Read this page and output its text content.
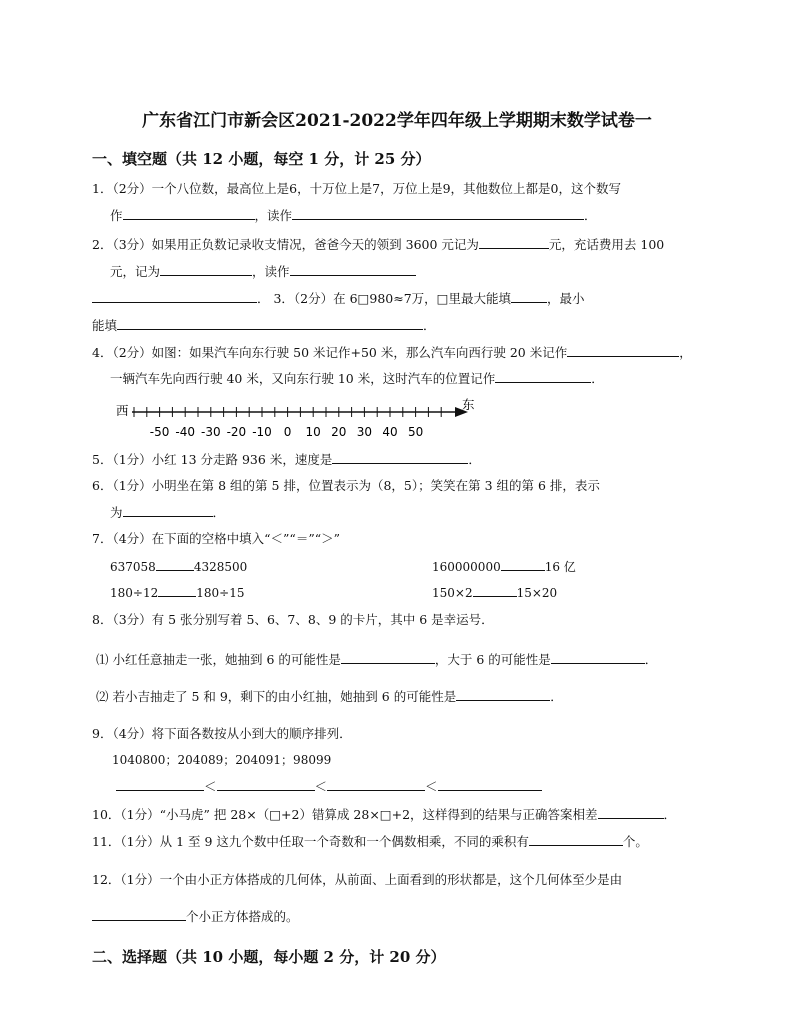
广东省江门市新会区2021-2022学年四年级上学期期末数学试卷一
一、填空题（共 12 小题，每空 1 分，计 25 分）
1．（2分）一个八位数，最高位上是6，十万位上是7，万位上是9，其他数位上都是0，这个数写
作	，读作	．
2．（3分）如果用正负数记录收支情况，爸爸今天的领到 3600 元记为	元，充话费用去 100
元，记为	，读作
． 3．（2分）在 6□980≈7万，□里最大能填	，最小
能填	．
4．（2分）如图：如果汽车向东行驶 50 米记作+50 米，那么汽车向西行驶 20 米记作	，
一辆汽车先向西行驶 40 米，又向东行驶 10 米，这时汽车的位置记作	．
西	东
-50 -40 -30 -20 -10 0 10 20 30 40 50
5．（1分）小红 13 分走路 936 米，速度是	．
6．（1分）小明坐在第 8 组的第 5 排，位置表示为（8，5）；笑笑在第 3 组的第 6 排，表示
为	．
7．（4分）在下面的空格中填入“＜”“＝”“＞”
637058	4328500	160000000	16 亿
180÷12	180÷15	150×2	15×20
8．（3分）有 5 张分别写着 5、6、7、8、9 的卡片，其中 6 是幸运号．
⑴ 小红任意抽走一张，她抽到 6 的可能性是	，大于 6 的可能性是	．
⑵ 若小吉抽走了 5 和 9，剩下的由小红抽，她抽到 6 的可能性是	．
9．（4分）将下面各数按从小到大的顺序排列．
1040800；204089；204091；98099
＜	＜	＜
10．（1分）“小马虎” 把 28×（□+2）错算成 28×□+2，这样得到的结果与正确答案相差	．
11．（1分）从 1 至 9 这九个数中任取一个奇数和一个偶数相乘，不同的乘积有	个。
12．（1分）一个由小正方体搭成的几何体，从前面、上面看到的形状都是，这个几何体至少是由
个小正方体搭成的。
二、选择题（共 10 小题，每小题 2 分，计 20 分）
